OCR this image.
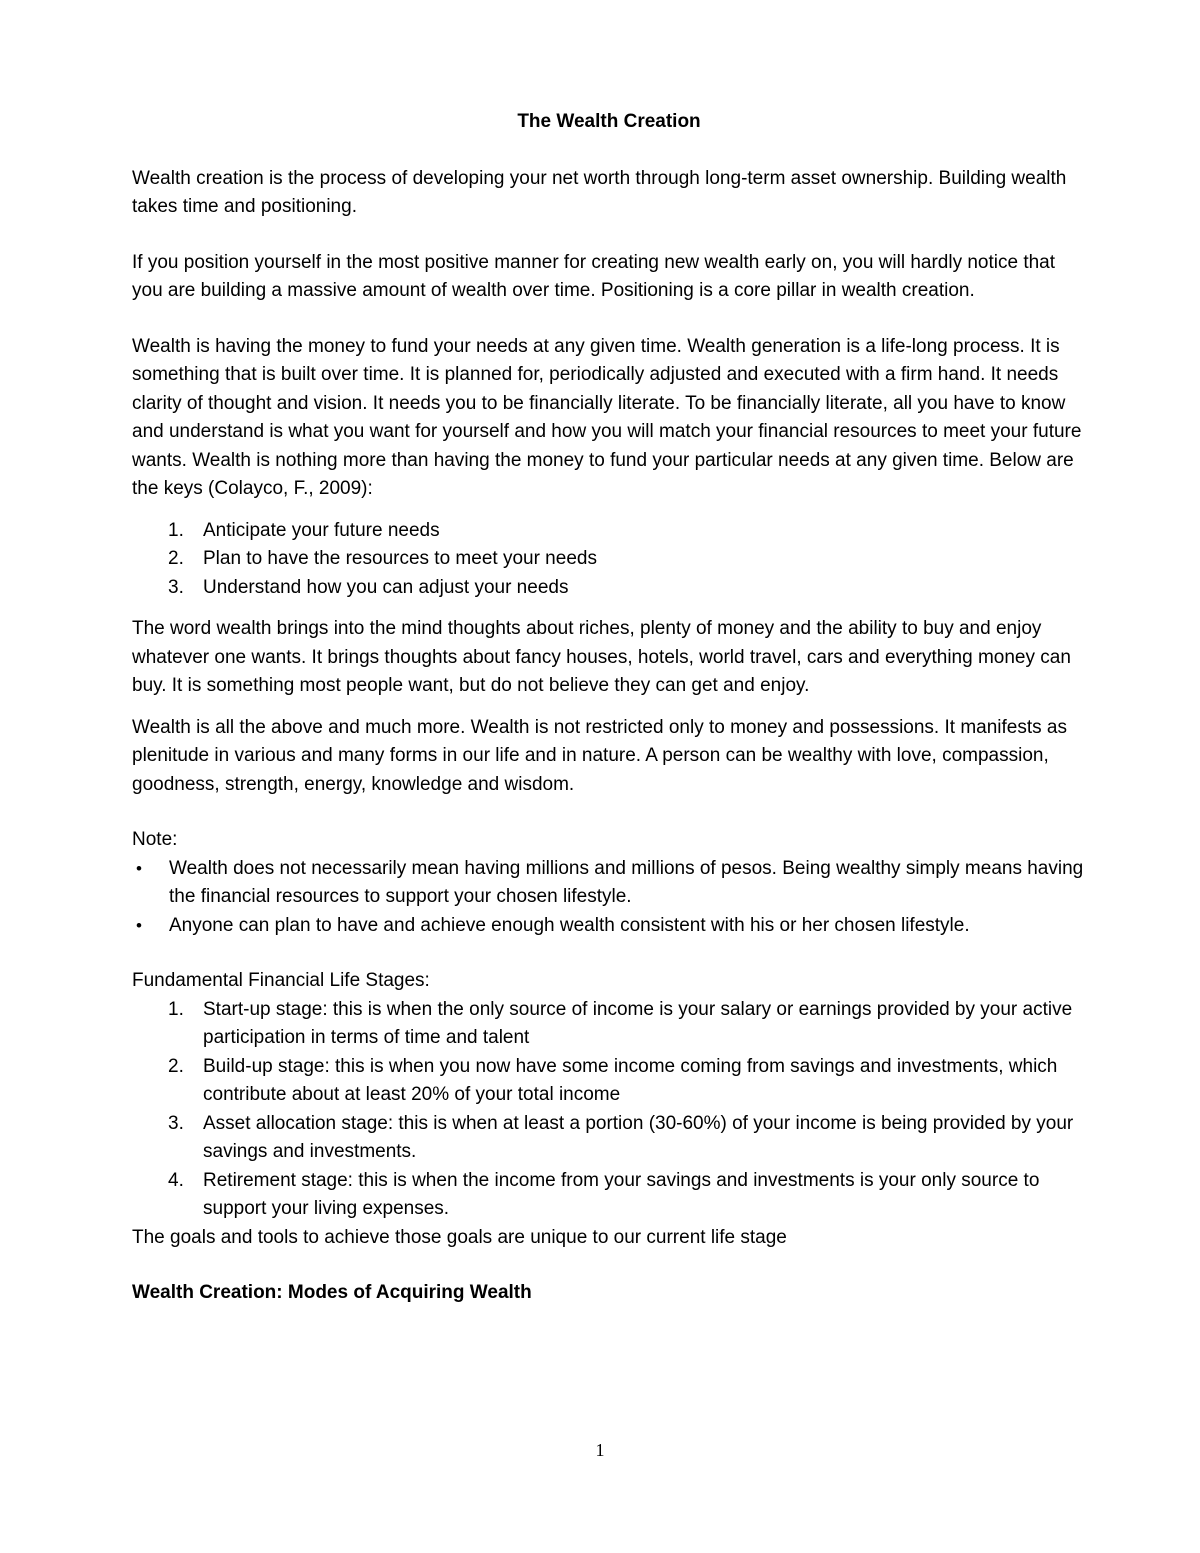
The Wealth Creation

Wealth creation is the process of developing your net worth through long-term asset ownership. Building wealth takes time and positioning.

If you position yourself in the most positive manner for creating new wealth early on, you will hardly notice that you are building a massive amount of wealth over time. Positioning is a core pillar in wealth creation.

Wealth is having the money to fund your needs at any given time. Wealth generation is a life-long process. It is something that is built over time. It is planned for, periodically adjusted and executed with a firm hand. It needs clarity of thought and vision. It needs you to be financially literate. To be financially literate, all you have to know and understand is what you want for yourself and how you will match your financial resources to meet your future wants. Wealth is nothing more than having the money to fund your particular needs at any given time. Below are the keys (Colayco, F., 2009):

1.	Anticipate your future needs
2.	Plan to have the resources to meet your needs
3.	Understand how you can adjust your needs

The word wealth brings into the mind thoughts about riches, plenty of money and the ability to buy and enjoy whatever one wants. It brings thoughts about fancy houses, hotels, world travel, cars and everything money can buy. It is something most people want, but do not believe they can get and enjoy.

Wealth is all the above and much more. Wealth is not restricted only to money and possessions. It manifests as plenitude in various and many forms in our life and in nature. A person can be wealthy with love, compassion, goodness, strength, energy, knowledge and wisdom.

Note:

• Wealth does not necessarily mean having millions and millions of pesos. Being wealthy simply means having the financial resources to support your chosen lifestyle.
• Anyone can plan to have and achieve enough wealth consistent with his or her chosen lifestyle.

Fundamental Financial Life Stages:

1.	Start-up stage: this is when the only source of income is your salary or earnings provided by your active participation in terms of time and talent
2.	Build-up stage: this is when you now have some income coming from savings and investments, which contribute about at least 20% of your total income
3.	Asset allocation stage: this is when at least a portion (30-60%) of your income is being provided by your savings and investments.
4.	Retirement stage: this is when the income from your savings and investments is your only source to support your living expenses.

The goals and tools to achieve those goals are unique to our current life stage

Wealth Creation: Modes of Acquiring Wealth

1
